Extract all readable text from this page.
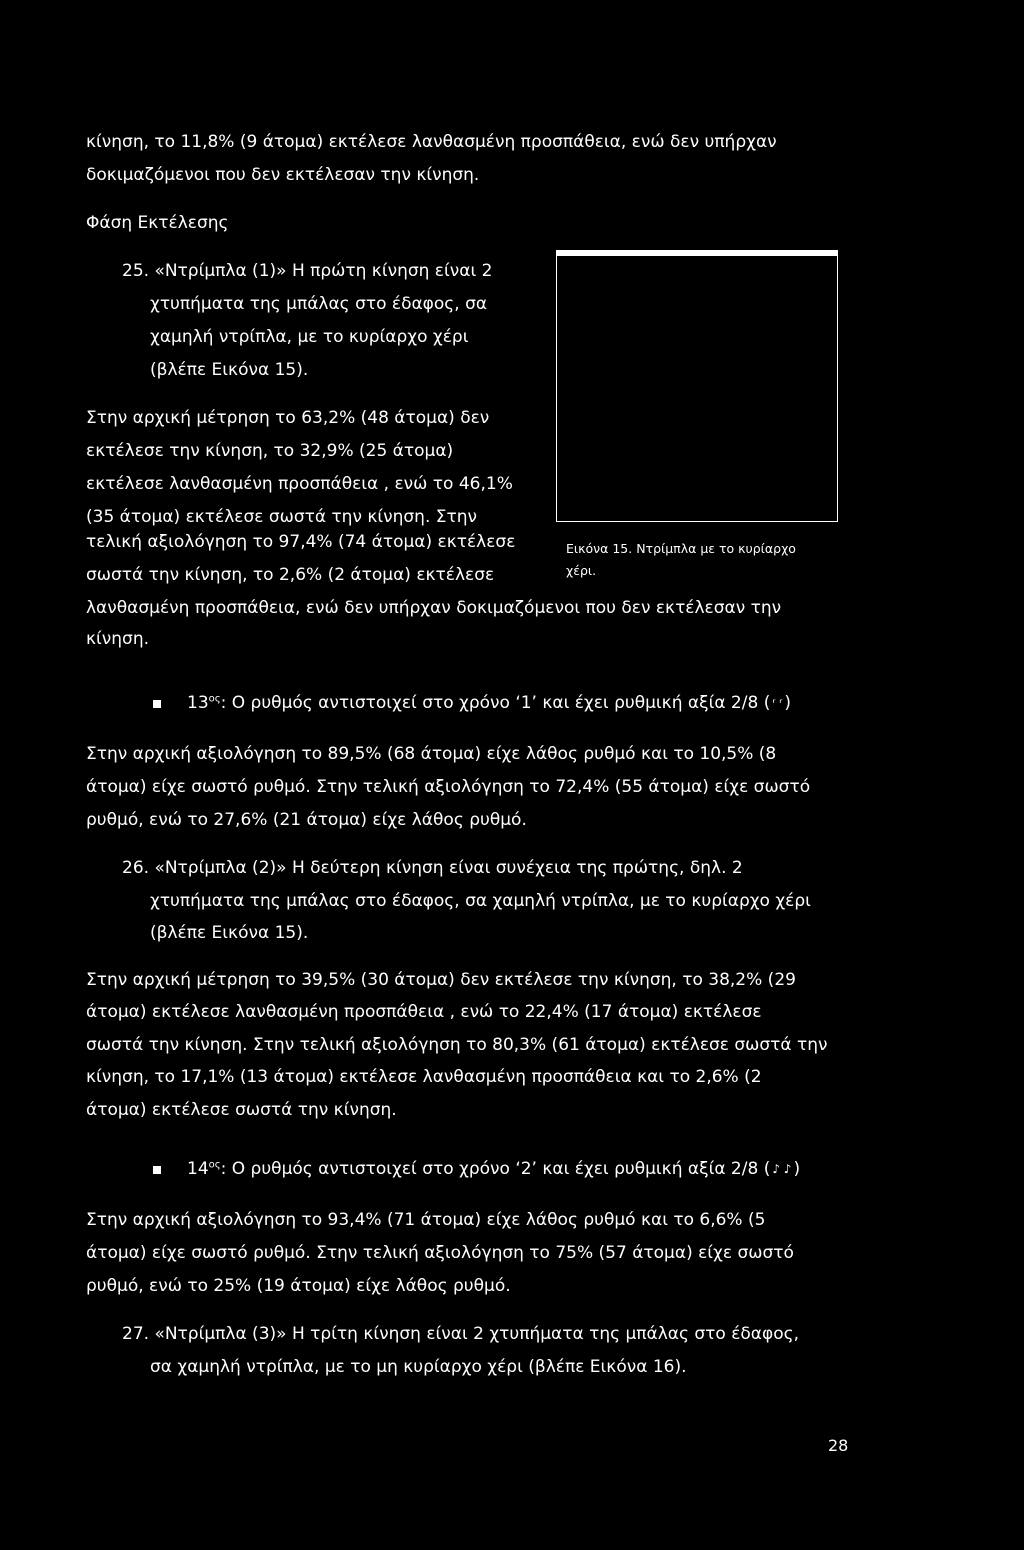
κίνηση, το 11,8% (9 άτομα) εκτέλεσε λανθασμένη προσπάθεια, ενώ δεν υπήρχαν
δοκιμαζόμενοι που δεν εκτέλεσαν την κίνηση.
Φάση Εκτέλεσης
25. «Ντρίμπλα (1)» Η πρώτη κίνηση είναι 2
χτυπήματα της μπάλας στο έδαφος, σα
χαμηλή ντρίπλα, με το κυρίαρχο χέρι
(βλέπε Εικόνα 15).
Εικόνα 15. Ντρίμπλα με το κυρίαρχο
χέρι.
Στην αρχική μέτρηση το 63,2% (48 άτομα) δεν
εκτέλεσε την κίνηση, το 32,9% (25 άτομα)
εκτέλεσε λανθασμένη προσπάθεια , ενώ το 46,1%
(35 άτομα) εκτέλεσε σωστά την κίνηση. Στην
τελική αξιολόγηση το 97,4% (74 άτομα) εκτέλεσε
σωστά την κίνηση, το 2,6% (2 άτομα) εκτέλεσε
λανθασμένη προσπάθεια, ενώ δεν υπήρχαν δοκιμαζόμενοι που δεν εκτέλεσαν την
κίνηση.
$13^{o\varsigma}$: Ο ρυθμός αντιστοιχεί στο χρόνο ‘1’ και έχει ρυθμική αξία 2/8 ( ʳ ʳ )
Στην αρχική αξιολόγηση το 89,5% (68 άτομα) είχε λάθος ρυθμό και το 10,5% (8
άτομα) είχε σωστό ρυθμό. Στην τελική αξιολόγηση το 72,4% (55 άτομα) είχε σωστό
ρυθμό, ενώ το 27,6% (21 άτομα) είχε λάθος ρυθμό.
26. «Ντρίμπλα (2)» Η δεύτερη κίνηση είναι συνέχεια της πρώτης, δηλ. 2
χτυπήματα της μπάλας στο έδαφος, σα χαμηλή ντρίπλα, με το κυρίαρχο χέρι
(βλέπε Εικόνα 15).
Στην αρχική μέτρηση το 39,5% (30 άτομα) δεν εκτέλεσε την κίνηση, το 38,2% (29
άτομα) εκτέλεσε λανθασμένη προσπάθεια , ενώ το 22,4% (17 άτομα) εκτέλεσε
σωστά την κίνηση. Στην τελική αξιολόγηση το 80,3% (61 άτομα) εκτέλεσε σωστά την
κίνηση, το 17,1% (13 άτομα) εκτέλεσε λανθασμένη προσπάθεια και το 2,6% (2
άτομα) εκτέλεσε σωστά την κίνηση.
$14^{o\varsigma}$: Ο ρυθμός αντιστοιχεί στο χρόνο ‘2’ και έχει ρυθμική αξία 2/8 ( ♪ ♪ )
Στην αρχική αξιολόγηση το 93,4% (71 άτομα) είχε λάθος ρυθμό και το 6,6% (5
άτομα) είχε σωστό ρυθμό. Στην τελική αξιολόγηση το 75% (57 άτομα) είχε σωστό
ρυθμό, ενώ το 25% (19 άτομα) είχε λάθος ρυθμό.
27. «Ντρίμπλα (3)» Η τρίτη κίνηση είναι 2 χτυπήματα της μπάλας στο έδαφος,
σα χαμηλή ντρίπλα, με το μη κυρίαρχο χέρι (βλέπε Εικόνα 16).
28
